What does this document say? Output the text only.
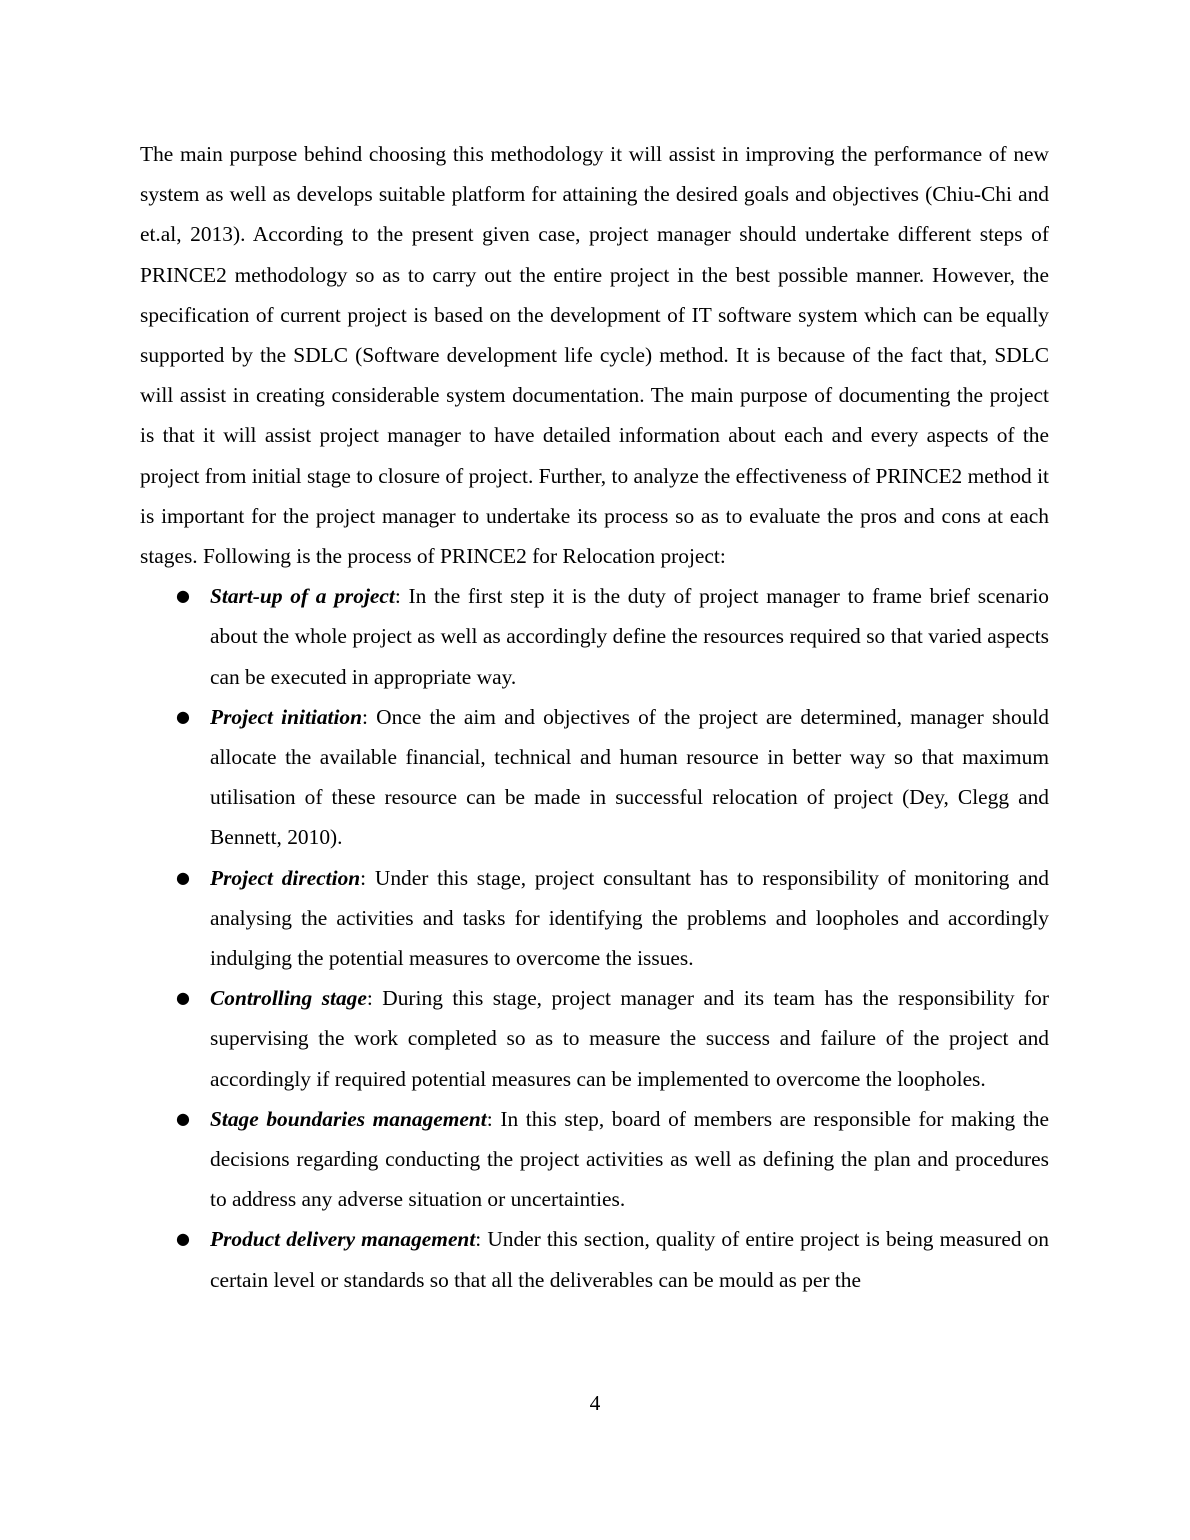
The main purpose behind choosing this methodology it will assist in improving the performance of new system as well as develops suitable platform for attaining the desired goals and objectives (Chiu-Chi and et.al, 2013). According to the present given case, project manager should undertake different steps of PRINCE2 methodology so as to carry out the entire project in the best possible manner. However, the specification of current project is based on the development of IT software system which can be equally supported by the SDLC (Software development life cycle) method. It is because of the fact that, SDLC will assist in creating considerable system documentation. The main purpose of documenting the project is that it will assist project manager to have detailed information about each and every aspects of the project from initial stage to closure of project. Further, to analyze the effectiveness of PRINCE2 method it is important for the project manager to undertake its process so as to evaluate the pros and cons at each stages. Following is the process of PRINCE2 for Relocation project:

● Start-up of a project: In the first step it is the duty of project manager to frame brief scenario about the whole project as well as accordingly define the resources required so that varied aspects can be executed in appropriate way.
● Project initiation: Once the aim and objectives of the project are determined, manager should allocate the available financial, technical and human resource in better way so that maximum utilisation of these resource can be made in successful relocation of project (Dey, Clegg and Bennett, 2010).
● Project direction: Under this stage, project consultant has to responsibility of monitoring and analysing the activities and tasks for identifying the problems and loopholes and accordingly indulging the potential measures to overcome the issues.
● Controlling stage: During this stage, project manager and its team has the responsibility for supervising the work completed so as to measure the success and failure of the project and accordingly if required potential measures can be implemented to overcome the loopholes.
● Stage boundaries management: In this step, board of members are responsible for making the decisions regarding conducting the project activities as well as defining the plan and procedures to address any adverse situation or uncertainties.
● Product delivery management: Under this section, quality of entire project is being measured on certain level or standards so that all the deliverables can be mould as per the
4
